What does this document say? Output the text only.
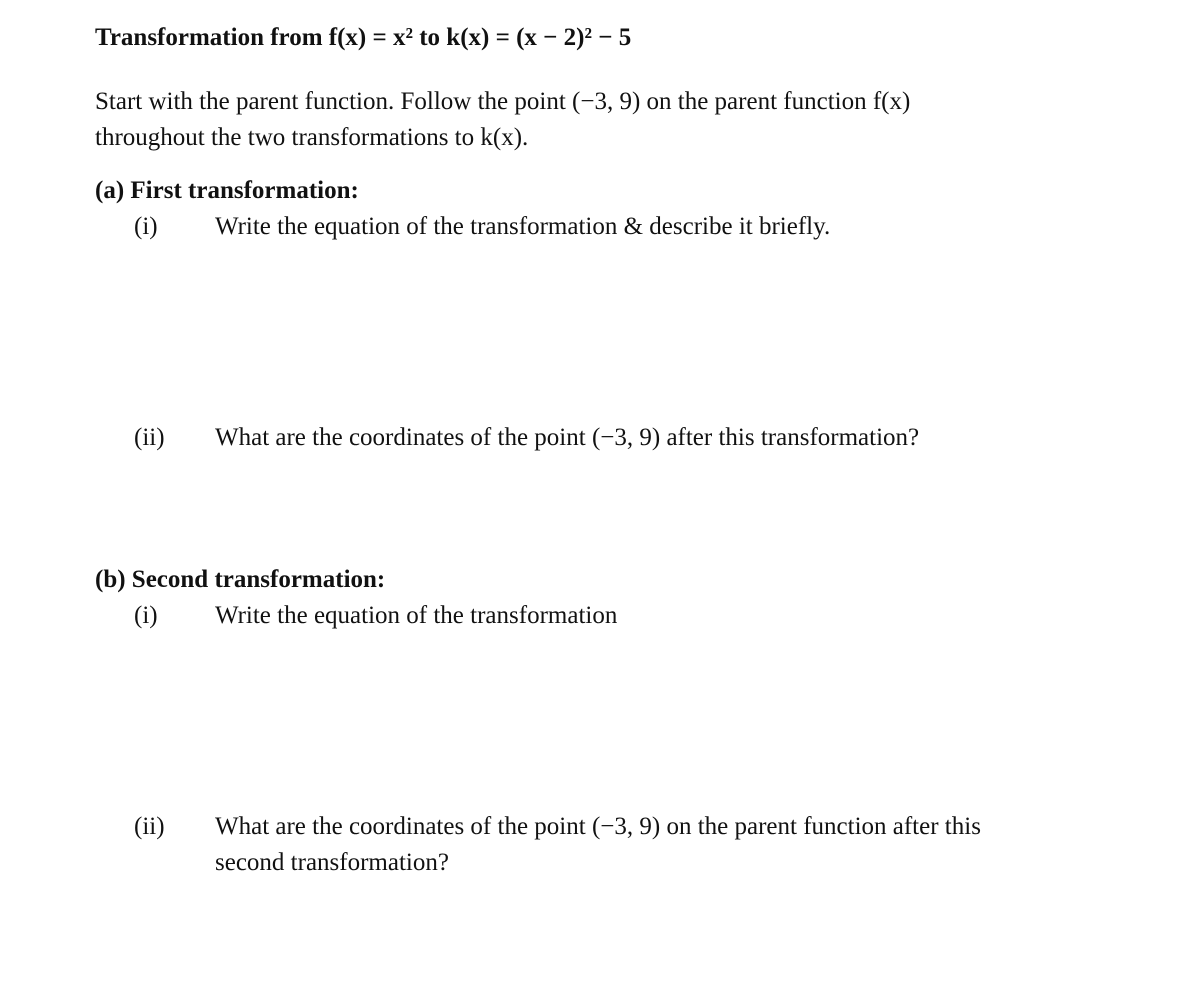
Transformation from f(x) = x² to k(x) = (x − 2)² − 5
Start with the parent function. Follow the point (−3, 9) on the parent function f(x)
throughout the two transformations to k(x).
(a) First transformation:
(i) Write the equation of the transformation & describe it briefly.
(ii) What are the coordinates of the point (−3, 9) after this transformation?
(b) Second transformation:
(i) Write the equation of the transformation
(ii) What are the coordinates of the point (−3, 9) on the parent function after this
second transformation?
